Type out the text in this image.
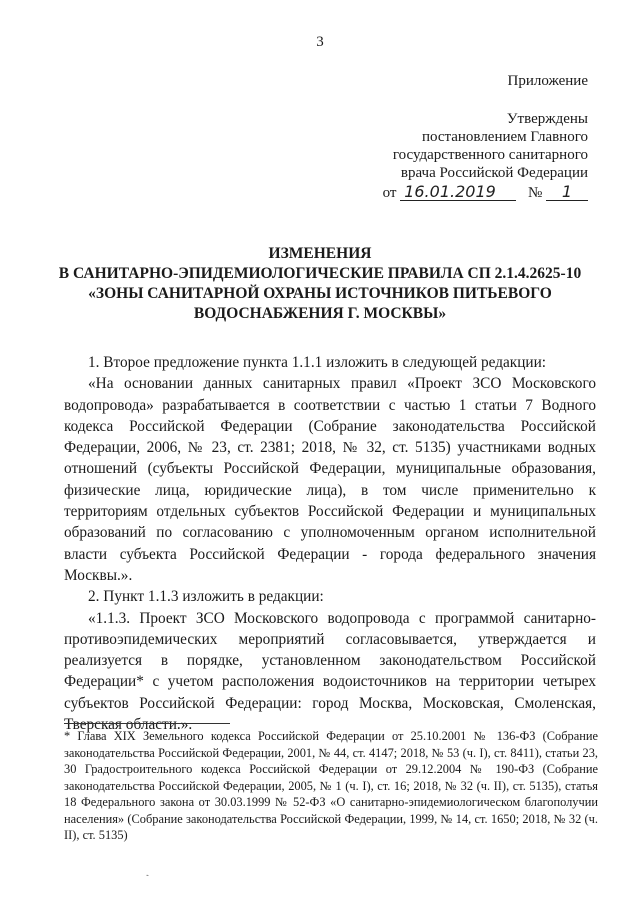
3
Приложение
Утверждены
постановлением Главного
государственного санитарного
врача Российской Федерации
от 16.01.2019 № 1
ИЗМЕНЕНИЯ
В САНИТАРНО-ЭПИДЕМИОЛОГИЧЕСКИЕ ПРАВИЛА СП 2.1.4.2625-10
«ЗОНЫ САНИТАРНОЙ ОХРАНЫ ИСТОЧНИКОВ ПИТЬЕВОГО
ВОДОСНАБЖЕНИЯ Г. МОСКВЫ»

1. Второе предложение пункта 1.1.1 изложить в следующей редакции:

«На основании данных санитарных правил «Проект ЗСО Московского водопровода» разрабатывается в соответствии с частью 1 статьи 7 Водного кодекса Российской Федерации (Собрание законодательства Российской Федерации, 2006, № 23, ст. 2381; 2018, № 32, ст. 5135) участниками водных отношений (субъекты Российской Федерации, муниципальные образования, физические лица, юридические лица), в том числе применительно к территориям отдельных субъектов Российской Федерации и муниципальных образований по согласованию с уполномоченным органом исполнительной власти субъекта Российской Федерации - города федерального значения Москвы.».

2. Пункт 1.1.3 изложить в редакции:

«1.1.3. Проект ЗСО Московского водопровода с программой санитарно-противоэпидемических мероприятий согласовывается, утверждается и реализуется в порядке, установленном законодательством Российской Федерации* с учетом расположения водоисточников на территории четырех субъектов Российской Федерации: город Москва, Московская, Смоленская, Тверская области.».

* Глава XIX Земельного кодекса Российской Федерации от 25.10.2001 № 136-ФЗ (Собрание законодательства Российской Федерации, 2001, № 44, ст. 4147; 2018, № 53 (ч. I), ст. 8411), статьи 23, 30 Градостроительного кодекса Российской Федерации от 29.12.2004 № 190-ФЗ (Собрание законодательства Российской Федерации, 2005, № 1 (ч. I), ст. 16; 2018, № 32 (ч. II), ст. 5135), статья 18 Федерального закона от 30.03.1999 № 52-ФЗ «О санитарно-эпидемиологическом благополучии населения» (Собрание законодательства Российской Федерации, 1999, № 14, ст. 1650; 2018, № 32 (ч. II), ст. 5135)
ˋ
